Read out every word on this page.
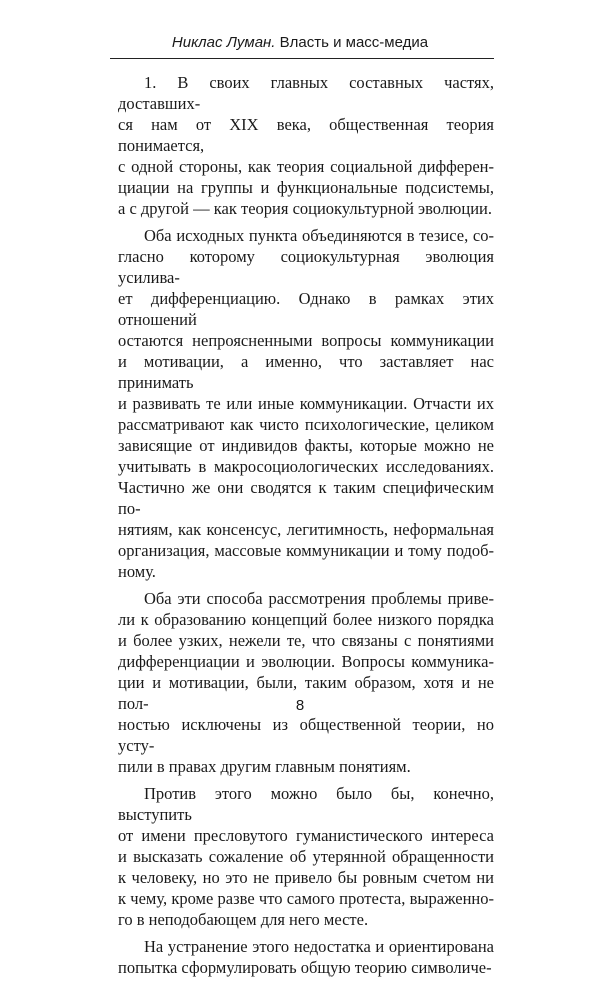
Никлас Луман. Власть и масс-медиа

1. В своих главных составных частях, доставших-
ся нам от XIX века, общественная теория понимается,
с одной стороны, как теория социальной дифферен-
циации на группы и функциональные подсистемы,
а с другой — как теория социокультурной эволюции.

Оба исходных пункта объединяются в тезисе, со-
гласно которому социокультурная эволюция усилива-
ет дифференциацию. Однако в рамках этих отношений
остаются непроясненными вопросы коммуникации
и мотивации, а именно, что заставляет нас принимать
и развивать те или иные коммуникации. Отчасти их
рассматривают как чисто психологические, целиком
зависящие от индивидов факты, которые можно не
учитывать в макросоциологических исследованиях.
Частично же они сводятся к таким специфическим по-
нятиям, как консенсус, легитимность, неформальная
организация, массовые коммуникации и тому подоб-
ному.

Оба эти способа рассмотрения проблемы приве-
ли к образованию концепций более низкого порядка
и более узких, нежели те, что связаны с понятиями
дифференциации и эволюции. Вопросы коммуникa-
ции и мотивации, были, таким образом, хотя и не пол-
ностью исключены из общественной теории, но усту-
пили в правах другим главным понятиям.

Против этого можно было бы, конечно, выступить
от имени пресловутого гуманистического интереса
и высказать сожаление об утерянной обращенности
к человеку, но это не привело бы ровным счетом ни
к чему, кроме разве что самого протеста, выраженно-
го в неподобающем для него месте.

На устранение этого недостатка и ориентирована
попытка сформулировать общую теорию символиче-

8
